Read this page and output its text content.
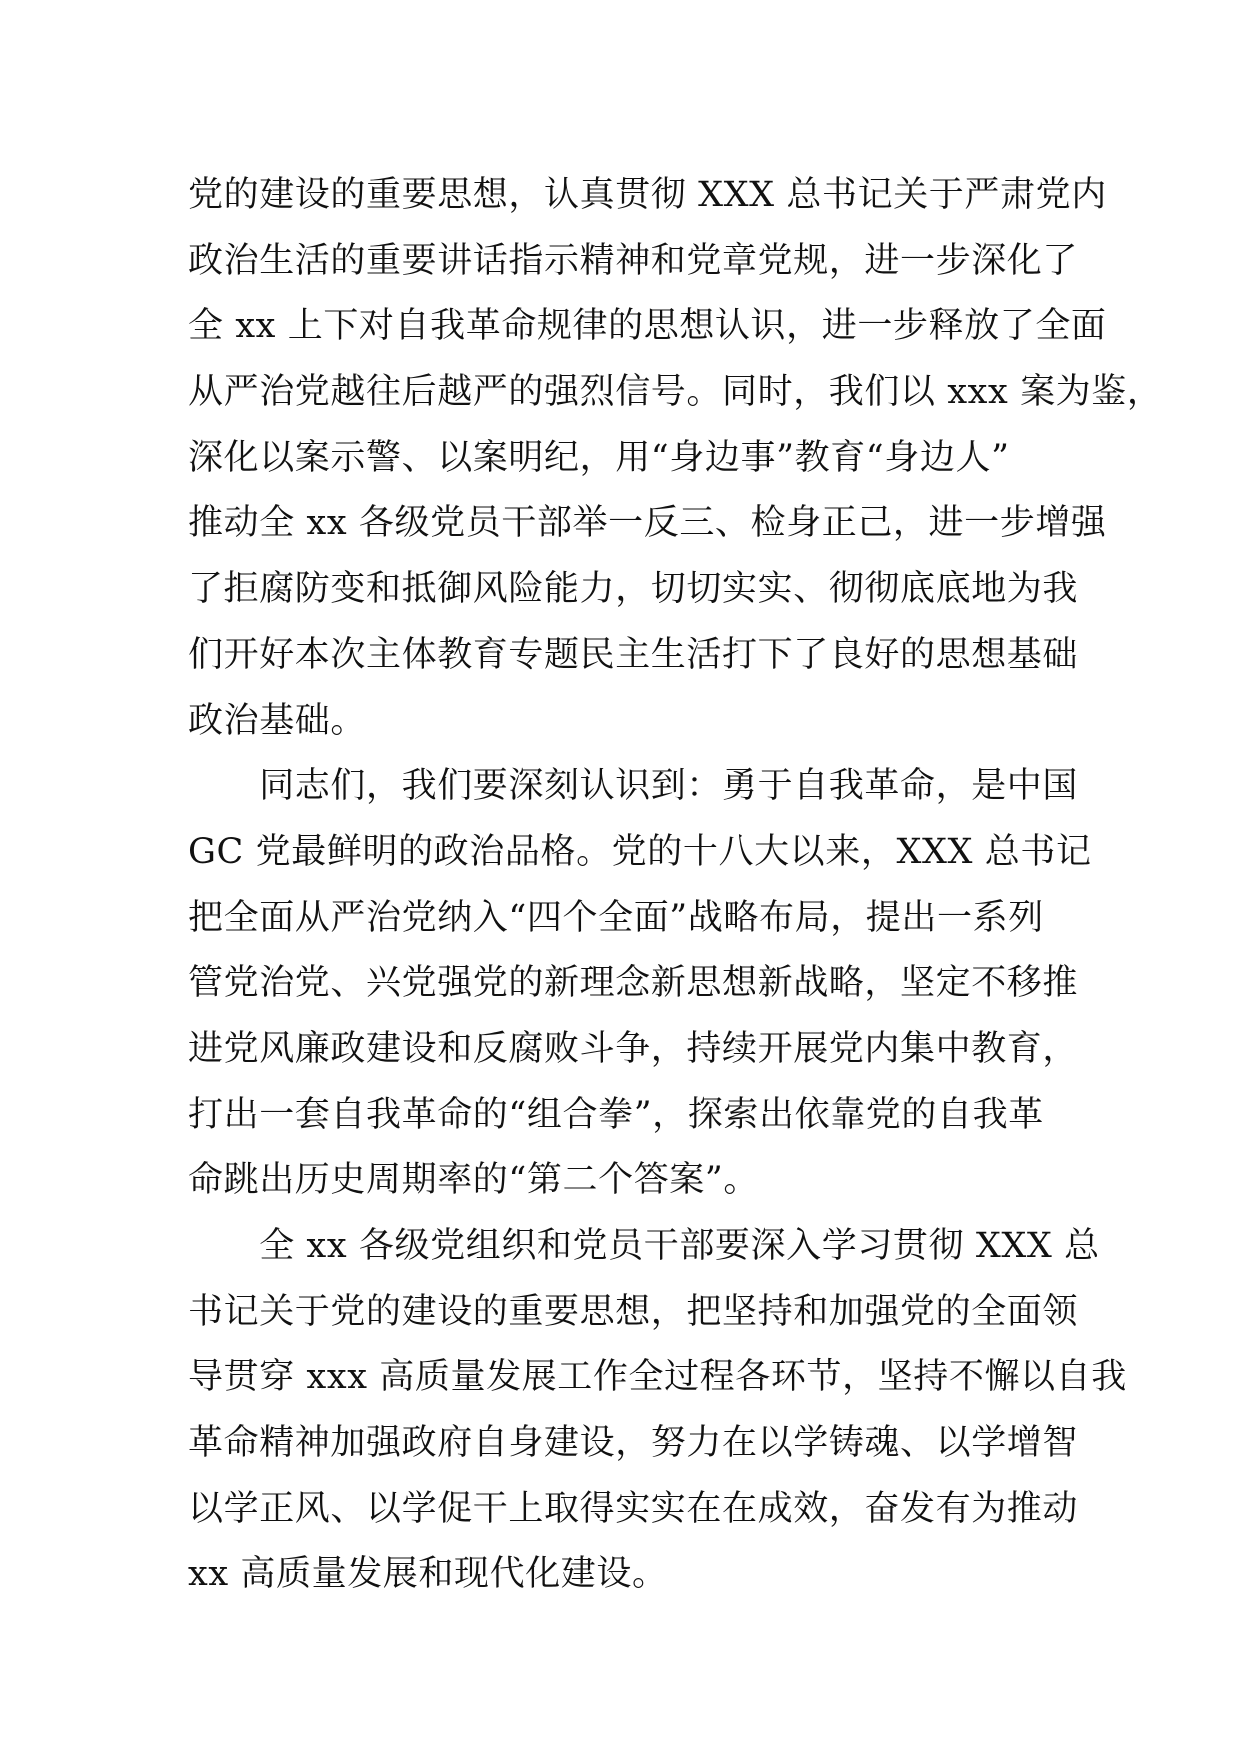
党的建设的重要思想，认真贯彻 XXX 总书记关于严肃党内
政治生活的重要讲话指示精神和党章党规，进一步深化了
全 xx 上下对自我革命规律的思想认识，进一步释放了全面
从严治党越往后越严的强烈信号。同时，我们以 xxx 案为鉴，
深化以案示警、以案明纪，用“身边事”教育“身边人”
推动全 xx 各级党员干部举一反三、检身正己，进一步增强
了拒腐防变和抵御风险能力，切切实实、彻彻底底地为我
们开好本次主体教育专题民主生活打下了良好的思想基础
政治基础。
　　同志们，我们要深刻认识到：勇于自我革命，是中国
GC 党最鲜明的政治品格。党的十八大以来，XXX 总书记
把全面从严治党纳入“四个全面”战略布局，提出一系列
管党治党、兴党强党的新理念新思想新战略，坚定不移推
进党风廉政建设和反腐败斗争，持续开展党内集中教育，
打出一套自我革命的“组合拳”，探索出依靠党的自我革
命跳出历史周期率的“第二个答案”。
　　全 xx 各级党组织和党员干部要深入学习贯彻 XXX 总
书记关于党的建设的重要思想，把坚持和加强党的全面领
导贯穿 xxx 高质量发展工作全过程各环节，坚持不懈以自我
革命精神加强政府自身建设，努力在以学铸魂、以学增智
以学正风、以学促干上取得实实在在成效，奋发有为推动
xx 高质量发展和现代化建设。
